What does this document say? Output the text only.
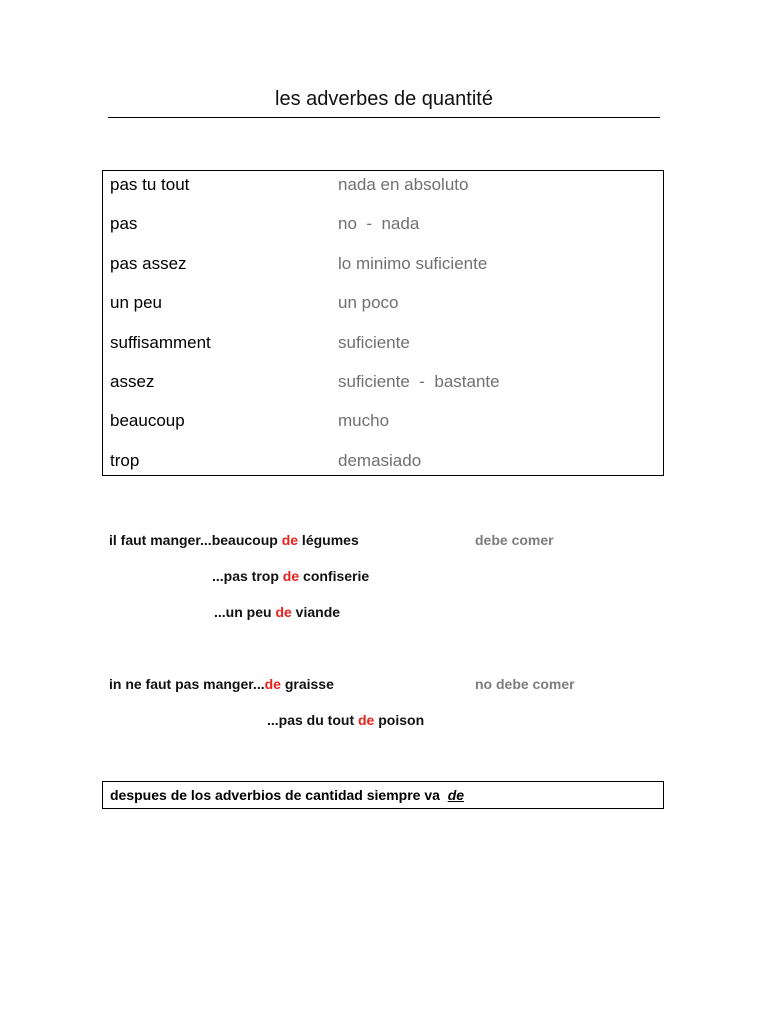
les adverbes de quantité
pas tu tout	nada en absoluto
pas	no  -  nada
pas assez	lo minimo suficiente
un peu	un poco
suffisamment	suficiente
assez	suficiente  -  bastante
beaucoup	mucho
trop	demasiado
il faut manger...beaucoup de légumes	debe comer
...pas trop de confiserie
...un peu de viande
in ne faut pas manger...de graisse	no debe comer
...pas du tout de poison
despues de los adverbios de cantidad siempre va  de
